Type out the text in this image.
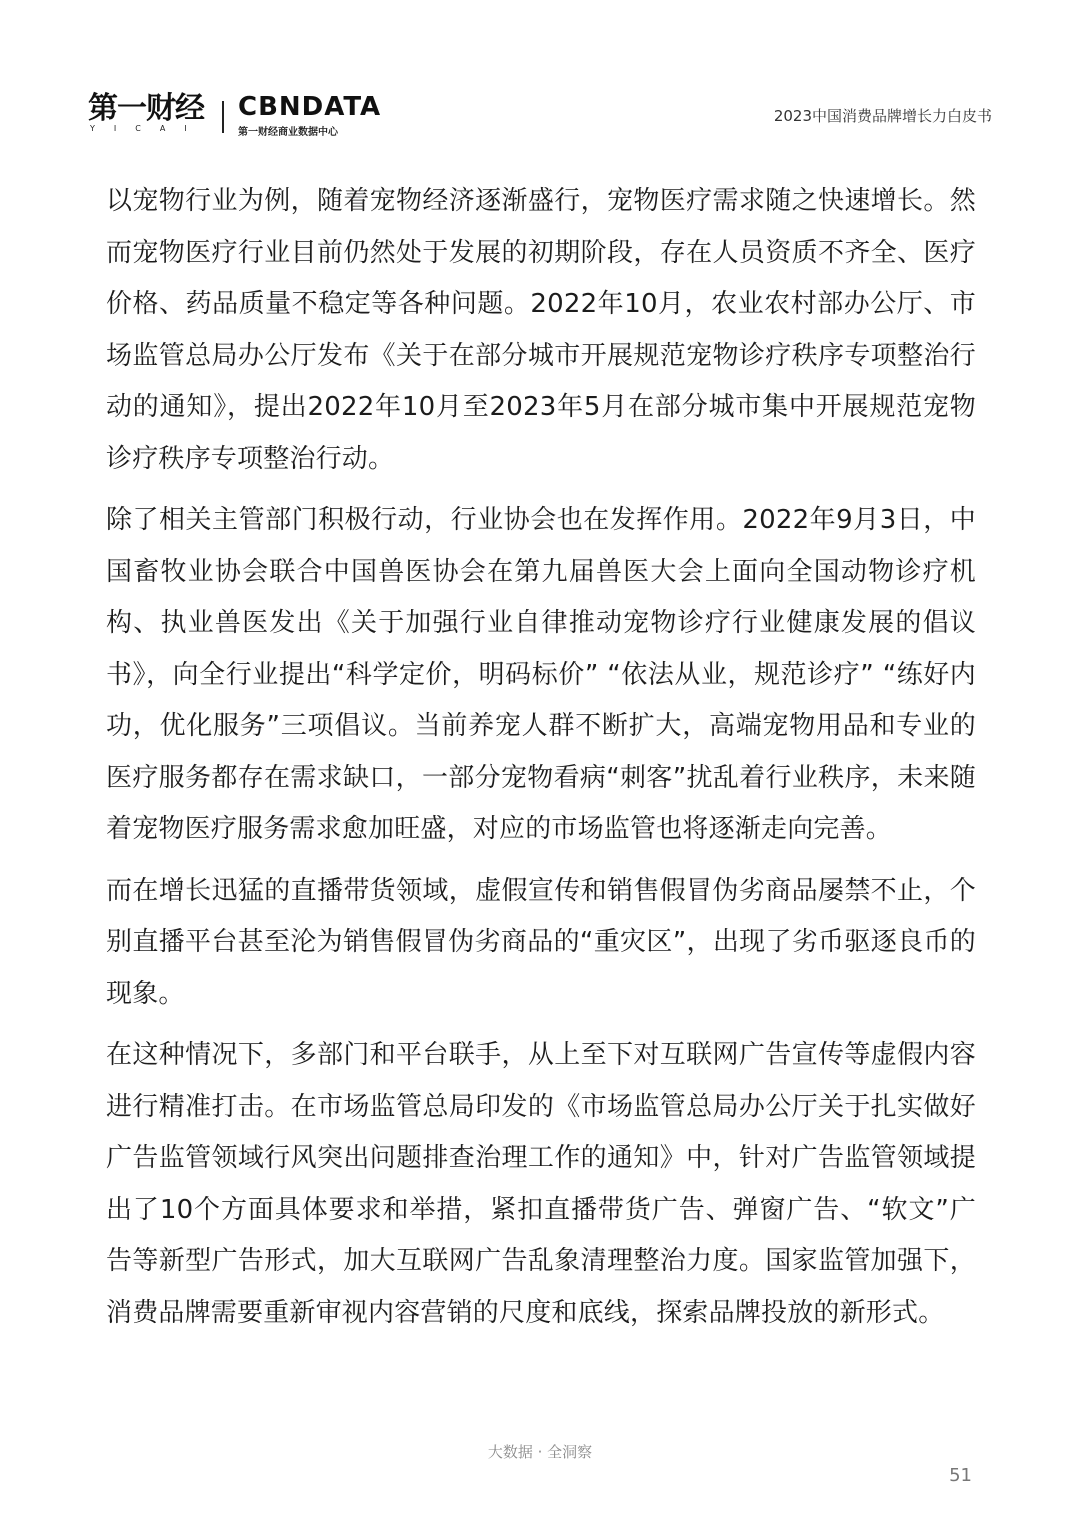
第一财经
YICAI
CBNDATA
第一财经商业数据中心
2023中国消费品牌增长力白皮书

以宠物行业为例，随着宠物经济逐渐盛行，宠物医疗需求随之快速增长。然而宠物医疗行业目前仍然处于发展的初期阶段，存在人员资质不齐全、医疗价格、药品质量不稳定等各种问题。2022年10月，农业农村部办公厅、市场监管总局办公厅发布《关于在部分城市开展规范宠物诊疗秩序专项整治行动的通知》，提出2022年10月至2023年5月在部分城市集中开展规范宠物诊疗秩序专项整治行动。

除了相关主管部门积极行动，行业协会也在发挥作用。2022年9月3日，中国畜牧业协会联合中国兽医协会在第九届兽医大会上面向全国动物诊疗机构、执业兽医发出《关于加强行业自律推动宠物诊疗行业健康发展的倡议书》，向全行业提出“科学定价，明码标价” “依法从业，规范诊疗” “练好内功，优化服务”三项倡议。当前养宠人群不断扩大，高端宠物用品和专业的医疗服务都存在需求缺口，一部分宠物看病“刺客”扰乱着行业秩序，未来随着宠物医疗服务需求愈加旺盛，对应的市场监管也将逐渐走向完善。

而在增长迅猛的直播带货领域，虚假宣传和销售假冒伪劣商品屡禁不止，个别直播平台甚至沦为销售假冒伪劣商品的“重灾区”，出现了劣币驱逐良币的现象。

在这种情况下，多部门和平台联手，从上至下对互联网广告宣传等虚假内容进行精准打击。在市场监管总局印发的《市场监管总局办公厅关于扎实做好广告监管领域行风突出问题排查治理工作的通知》中，针对广告监管领域提出了10个方面具体要求和举措，紧扣直播带货广告、弹窗广告、“软文”广告等新型广告形式，加大互联网广告乱象清理整治力度。国家监管加强下，消费品牌需要重新审视内容营销的尺度和底线，探索品牌投放的新形式。

大数据 · 全洞察
51
